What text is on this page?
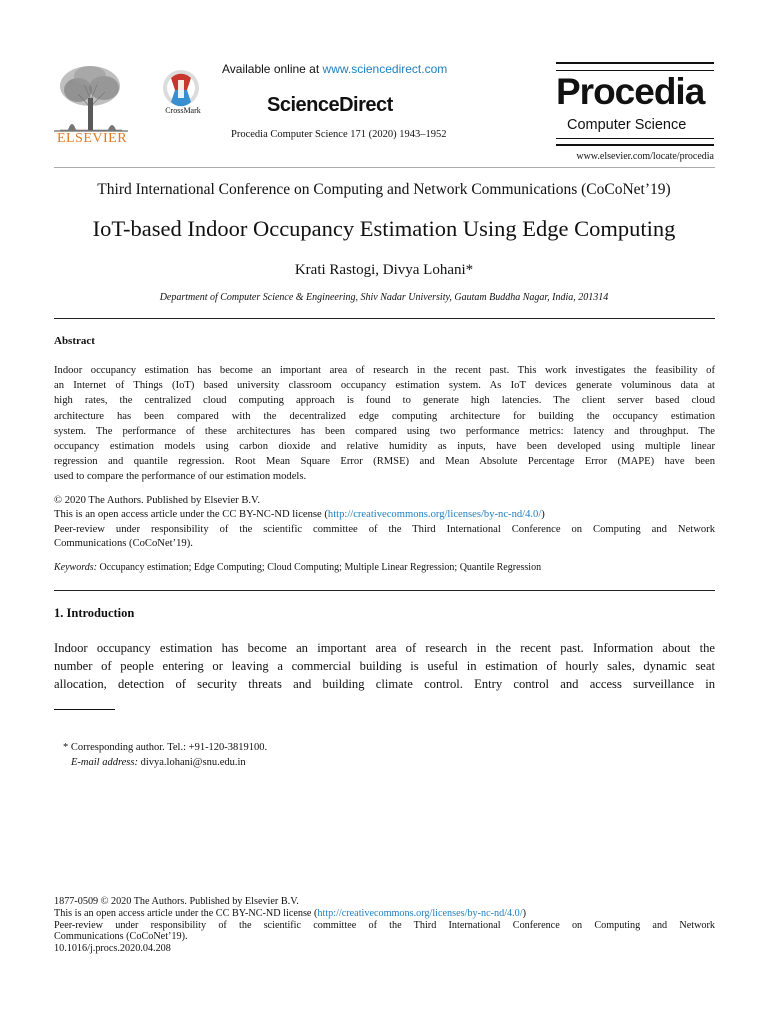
ELSEVIER
CrossMark
Available online at www.sciencedirect.com
ScienceDirect
Procedia Computer Science 171 (2020) 1943–1952
Procedia
Computer Science
www.elsevier.com/locate/procedia
Third International Conference on Computing and Network Communications (CoCoNet’19)
IoT-based Indoor Occupancy Estimation Using Edge Computing
Krati Rastogi, Divya Lohani*
Department of Computer Science & Engineering, Shiv Nadar University, Gautam Buddha Nagar, India, 201314
Abstract
Indoor occupancy estimation has become an important area of research in the recent past. This work investigates the feasibility of
an Internet of Things (IoT) based university classroom occupancy estimation system. As IoT devices generate voluminous data at
high rates, the centralized cloud computing approach is found to generate high latencies. The client server based cloud
architecture has been compared with the decentralized edge computing architecture for building the occupancy estimation
system. The performance of these architectures has been compared using two performance metrics: latency and throughput. The
occupancy estimation models using carbon dioxide and relative humidity as inputs, have been developed using multiple linear
regression and quantile regression. Root Mean Square Error (RMSE) and Mean Absolute Percentage Error (MAPE) have been
used to compare the performance of our estimation models.
© 2020 The Authors. Published by Elsevier B.V.
This is an open access article under the CC BY-NC-ND license (http://creativecommons.org/licenses/by-nc-nd/4.0/)
Peer-review under responsibility of the scientific committee of the Third International Conference on Computing and Network
Communications (CoCoNet’19).
Keywords: Occupancy estimation; Edge Computing; Cloud Computing; Multiple Linear Regression; Quantile Regression
1. Introduction
Indoor occupancy estimation has become an important area of research in the recent past. Information about the
number of people entering or leaving a commercial building is useful in estimation of hourly sales, dynamic seat
allocation, detection of security threats and building climate control. Entry control and access surveillance in
* Corresponding author. Tel.: +91-120-3819100.
E-mail address: divya.lohani@snu.edu.in
1877-0509 © 2020 The Authors. Published by Elsevier B.V.
This is an open access article under the CC BY-NC-ND license (http://creativecommons.org/licenses/by-nc-nd/4.0/)
Peer-review under responsibility of the scientific committee of the Third International Conference on Computing and Network
Communications (CoCoNet’19).
10.1016/j.procs.2020.04.208
